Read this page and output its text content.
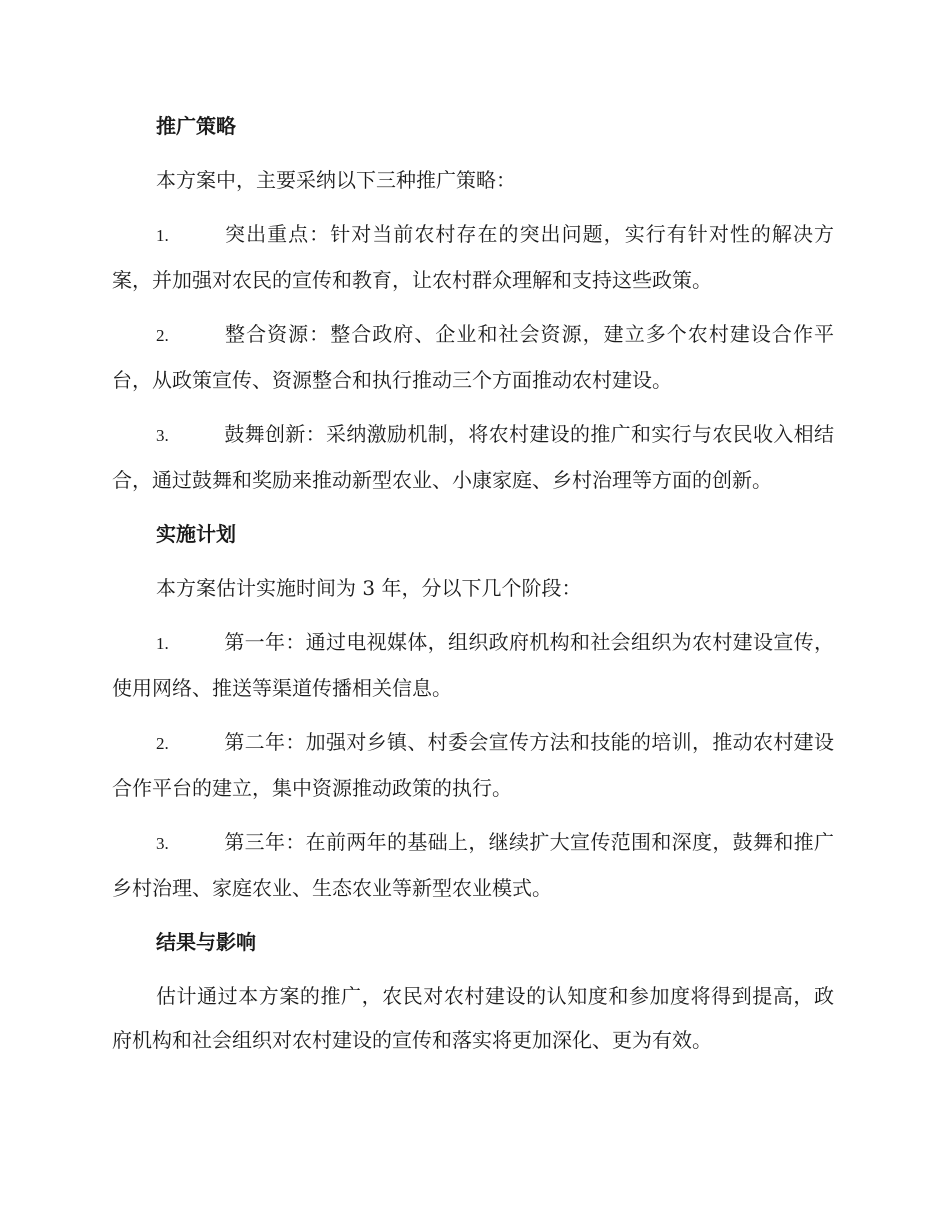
推广策略

本方案中，主要采纳以下三种推广策略：

1.	突出重点：针对当前农村存在的突出问题，实行有针对性的解决方案，并加强对农民的宣传和教育，让农村群众理解和支持这些政策。

2.	整合资源：整合政府、企业和社会资源，建立多个农村建设合作平台，从政策宣传、资源整合和执行推动三个方面推动农村建设。

3.	鼓舞创新：采纳激励机制，将农村建设的推广和实行与农民收入相结合，通过鼓舞和奖励来推动新型农业、小康家庭、乡村治理等方面的创新。

实施计划

本方案估计实施时间为 3 年，分以下几个阶段：

1.	第一年：通过电视媒体，组织政府机构和社会组织为农村建设宣传，使用网络、推送等渠道传播相关信息。

2.	第二年：加强对乡镇、村委会宣传方法和技能的培训，推动农村建设合作平台的建立，集中资源推动政策的执行。

3.	第三年：在前两年的基础上，继续扩大宣传范围和深度，鼓舞和推广乡村治理、家庭农业、生态农业等新型农业模式。

结果与影响

估计通过本方案的推广，农民对农村建设的认知度和参加度将得到提高，政府机构和社会组织对农村建设的宣传和落实将更加深化、更为有效。
